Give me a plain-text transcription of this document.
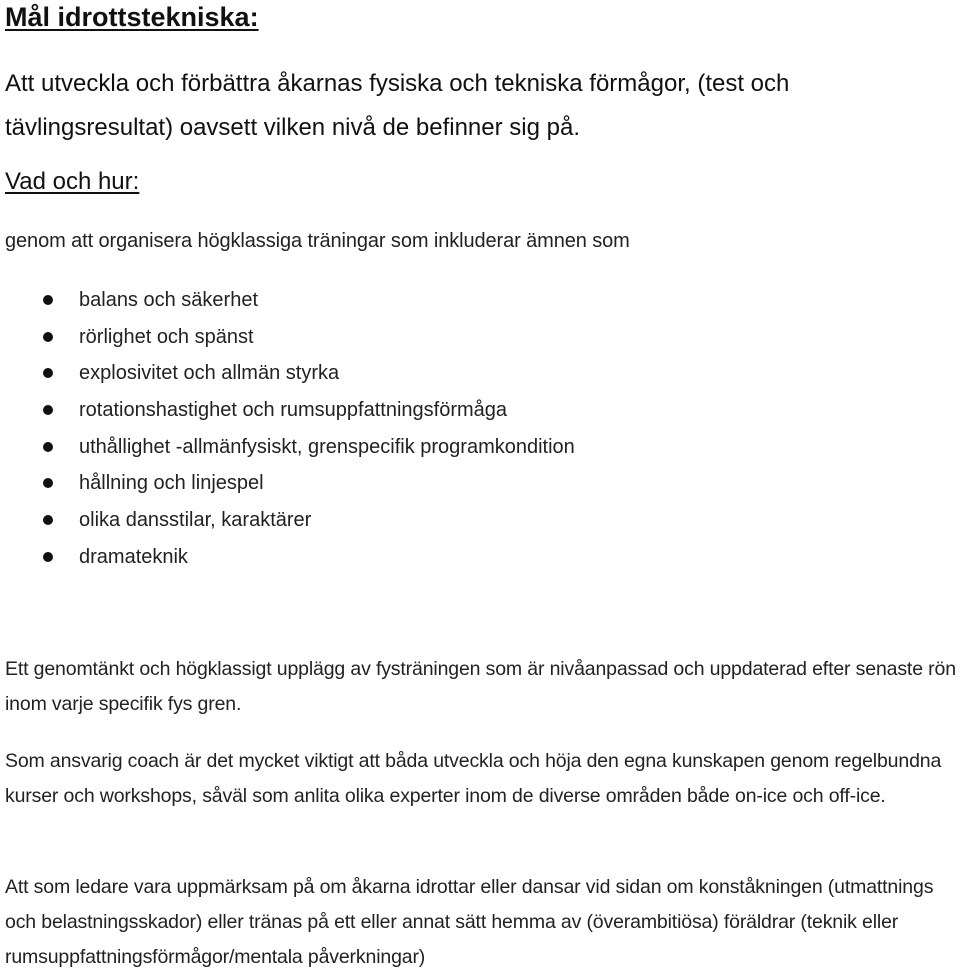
Mål idrottstekniska:
Att utveckla och förbättra åkarnas fysiska och tekniska förmågor, (test och tävlingsresultat) oavsett vilken nivå de befinner sig på.
Vad och hur:
genom att organisera högklassiga träningar som inkluderar ämnen som
balans och säkerhet
rörlighet och spänst
explosivitet och allmän styrka
rotationshastighet och rumsuppfattningsförmåga
uthållighet -allmänfysiskt, grenspecifik programkondition
hållning och linjespel
olika dansstilar, karaktärer
dramateknik
Ett genomtänkt och högklassigt upplägg av fysträningen som är nivåanpassad och uppdaterad efter senaste rön inom varje specifik fys gren.
Som ansvarig coach är det mycket viktigt att båda utveckla och höja den egna kunskapen genom regelbundna kurser och workshops, såväl som anlita olika experter inom de diverse områden både on-ice och off-ice.
Att som ledare vara uppmärksam på om åkarna idrottar eller dansar vid sidan om konståkningen (utmattnings och belastningsskador) eller tränas på ett eller annat sätt hemma av (överambitiösa) föräldrar (teknik eller rumsuppfattningsförmågor/mentala påverkningar)
